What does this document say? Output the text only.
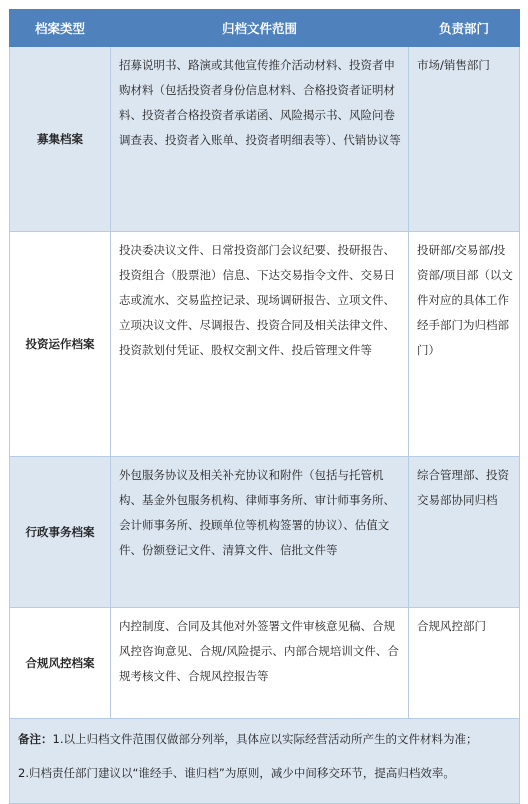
档案类型	归档文件范围	负责部门
募集档案	招募说明书、路演或其他宣传推介活动材料、投资者申购材料（包括投资者身份信息材料、合格投资者证明材料、投资者合格投资者承诺函、风险揭示书、风险问卷调查表、投资者入账单、投资者明细表等）、代销协议等	市场/销售部门
投资运作档案	投决委决议文件、日常投资部门会议纪要、投研报告、投资组合（股票池）信息、下达交易指令文件、交易日志或流水、交易监控记录、现场调研报告、立项文件、立项决议文件、尽调报告、投资合同及相关法律文件、投资款划付凭证、股权交割文件、投后管理文件等	投研部/交易部/投资部/项目部（以文件对应的具体工作经手部门为归档部门）
行政事务档案	外包服务协议及相关补充协议和附件（包括与托管机构、基金外包服务机构、律师事务所、审计师事务所、会计师事务所、投顾单位等机构签署的协议）、估值文件、份额登记文件、清算文件、信批文件等	综合管理部、投资交易部协同归档
合规风控档案	内控制度、合同及其他对外签署文件审核意见稿、合规风控咨询意见、合规/风险提示、内部合规培训文件、合规考核文件、合规风控报告等	合规风控部门

备注：1.以上归档文件范围仅做部分列举，具体应以实际经营活动所产生的文件材料为准；
2.归档责任部门建议以“谁经手、谁归档”为原则，减少中间移交环节，提高归档效率。		
